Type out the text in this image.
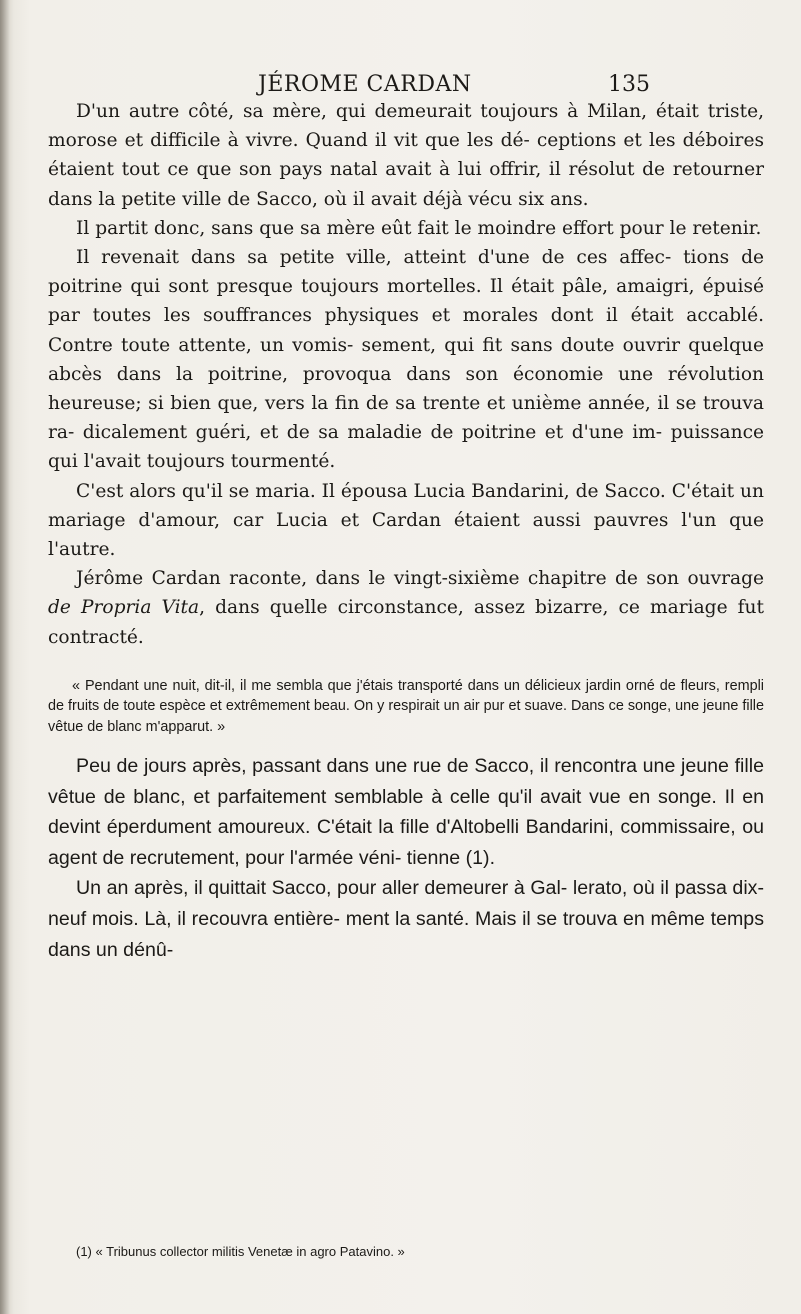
JÉROME CARDAN	135

D'un autre côté, sa mère, qui demeurait toujours à Milan, était triste, morose et difficile à vivre. Quand il vit que les dé- ceptions et les déboires étaient tout ce que son pays natal avait à lui offrir, il résolut de retourner dans la petite ville de Sacco, où il avait déjà vécu six ans.

Il partit donc, sans que sa mère eût fait le moindre effort pour le retenir.

Il revenait dans sa petite ville, atteint d'une de ces affec- tions de poitrine qui sont presque toujours mortelles. Il était pâle, amaigri, épuisé par toutes les souffrances physiques et morales dont il était accablé. Contre toute attente, un vomis- sement, qui fit sans doute ouvrir quelque abcès dans la poitrine, provoqua dans son économie une révolution heureuse; si bien que, vers la fin de sa trente et unième année, il se trouva ra- dicalement guéri, et de sa maladie de poitrine et d'une im- puissance qui l'avait toujours tourmenté.

C'est alors qu'il se maria. Il épousa Lucia Bandarini, de Sacco. C'était un mariage d'amour, car Lucia et Cardan étaient aussi pauvres l'un que l'autre.

Jérôme Cardan raconte, dans le vingt-sixième chapitre de son ouvrage de Propria Vita, dans quelle circonstance, assez bizarre, ce mariage fut contracté.

« Pendant une nuit, dit-il, il me sembla que j'étais transporté dans un délicieux jardin orné de fleurs, rempli de fruits de toute espèce et extrêmement beau. On y respirait un air pur et suave. Dans ce songe, une jeune fille vêtue de blanc m'apparut. »

Peu de jours après, passant dans une rue de Sacco, il rencontra une jeune fille vêtue de blanc, et parfaitement semblable à celle qu'il avait vue en songe. Il en devint éperdument amoureux. C'était la fille d'Altobelli Bandarini, commissaire, ou agent de recrutement, pour l'armée véni- tienne (1).

Un an après, il quittait Sacco, pour aller demeurer à Gal- lerato, où il passa dix-neuf mois. Là, il recouvra entière- ment la santé. Mais il se trouva en même temps dans un dénû-

(1) « Tribunus collector militis Venetæ in agro Patavino. »
